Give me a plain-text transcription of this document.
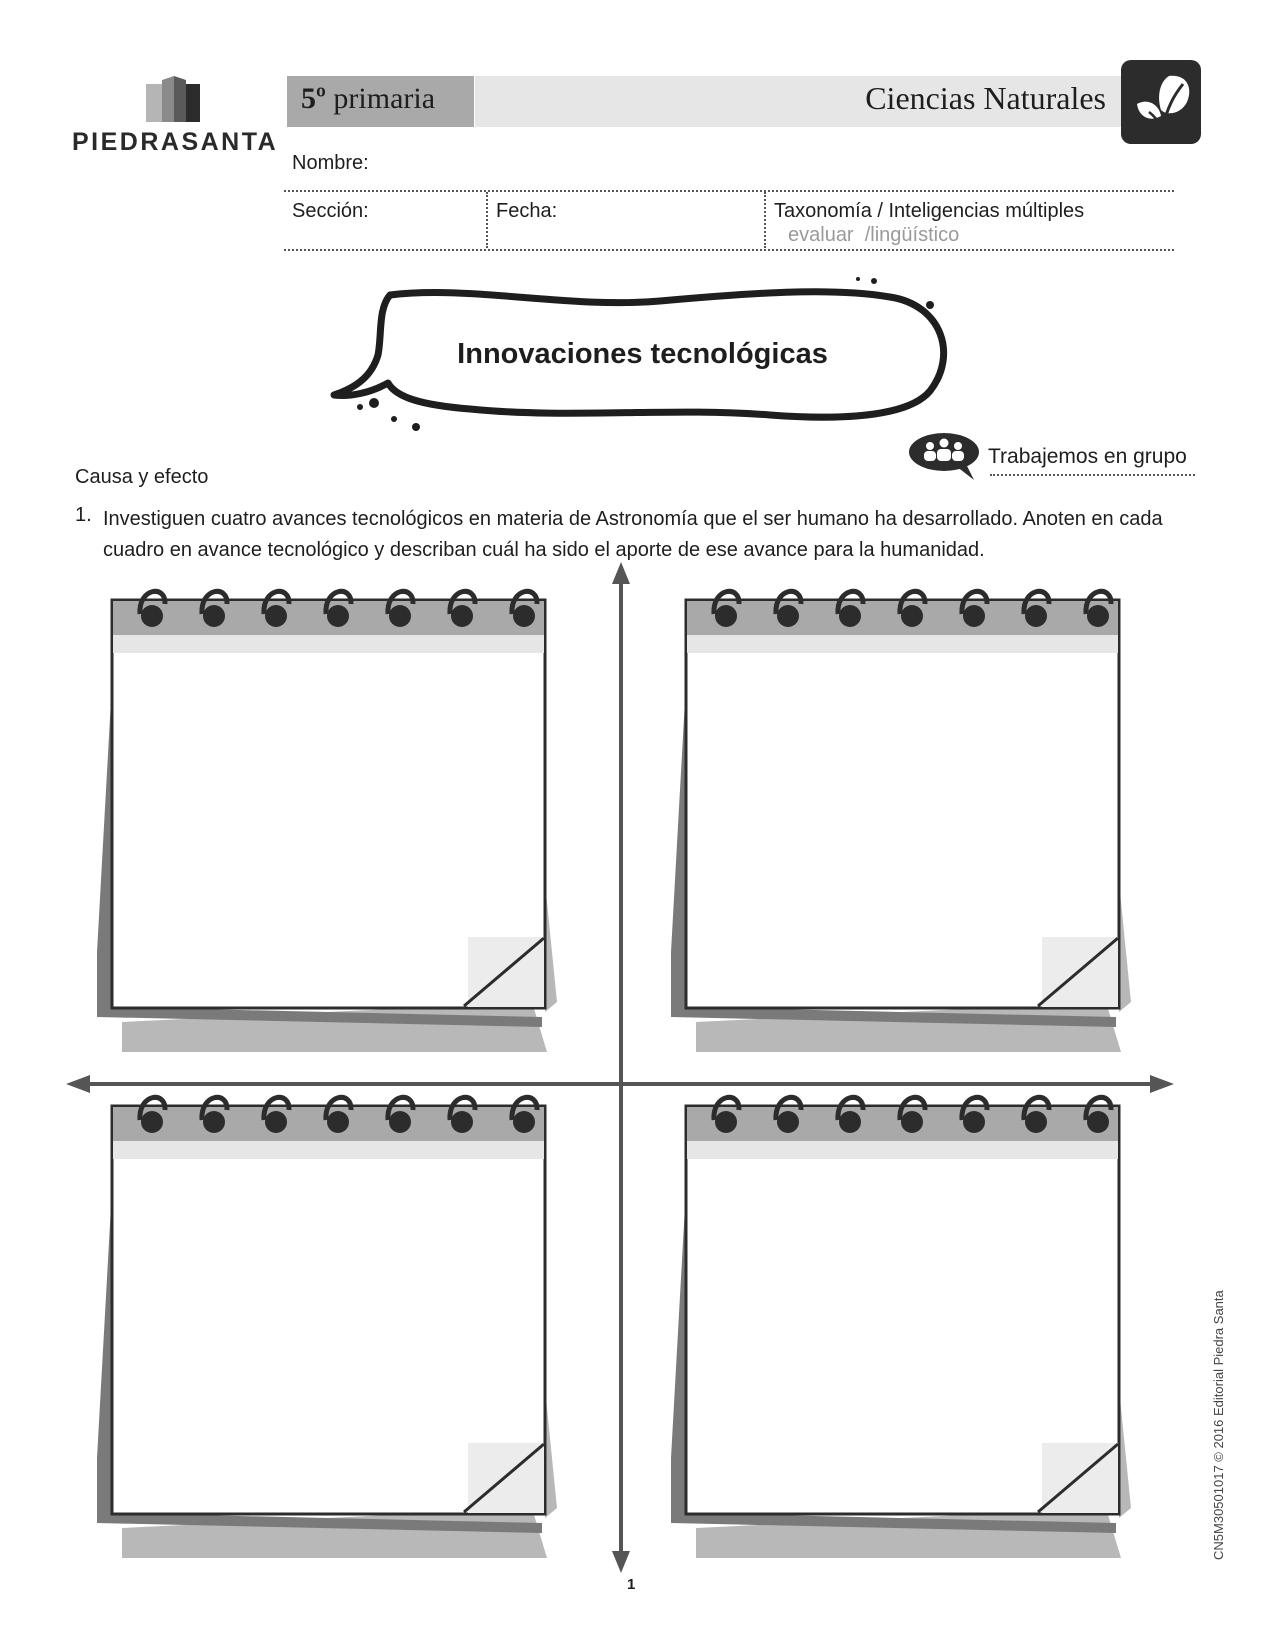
PIEDRASANTA
5º primaria	Ciencias Naturales
Nombre:
Sección:	Fecha:	Taxonomía / Inteligencias múltiples
evaluar  /lingüístico
Innovaciones tecnológicas
Trabajemos en grupo
Causa y efecto
1. Investiguen cuatro avances tecnológicos en materia de Astronomía que el ser humano ha desarrollado. Anoten en cada cuadro en avance tecnológico y describan cuál ha sido el aporte de ese avance para la humanidad.
1
CN5M30501017 © 2016 Editorial Piedra Santa
